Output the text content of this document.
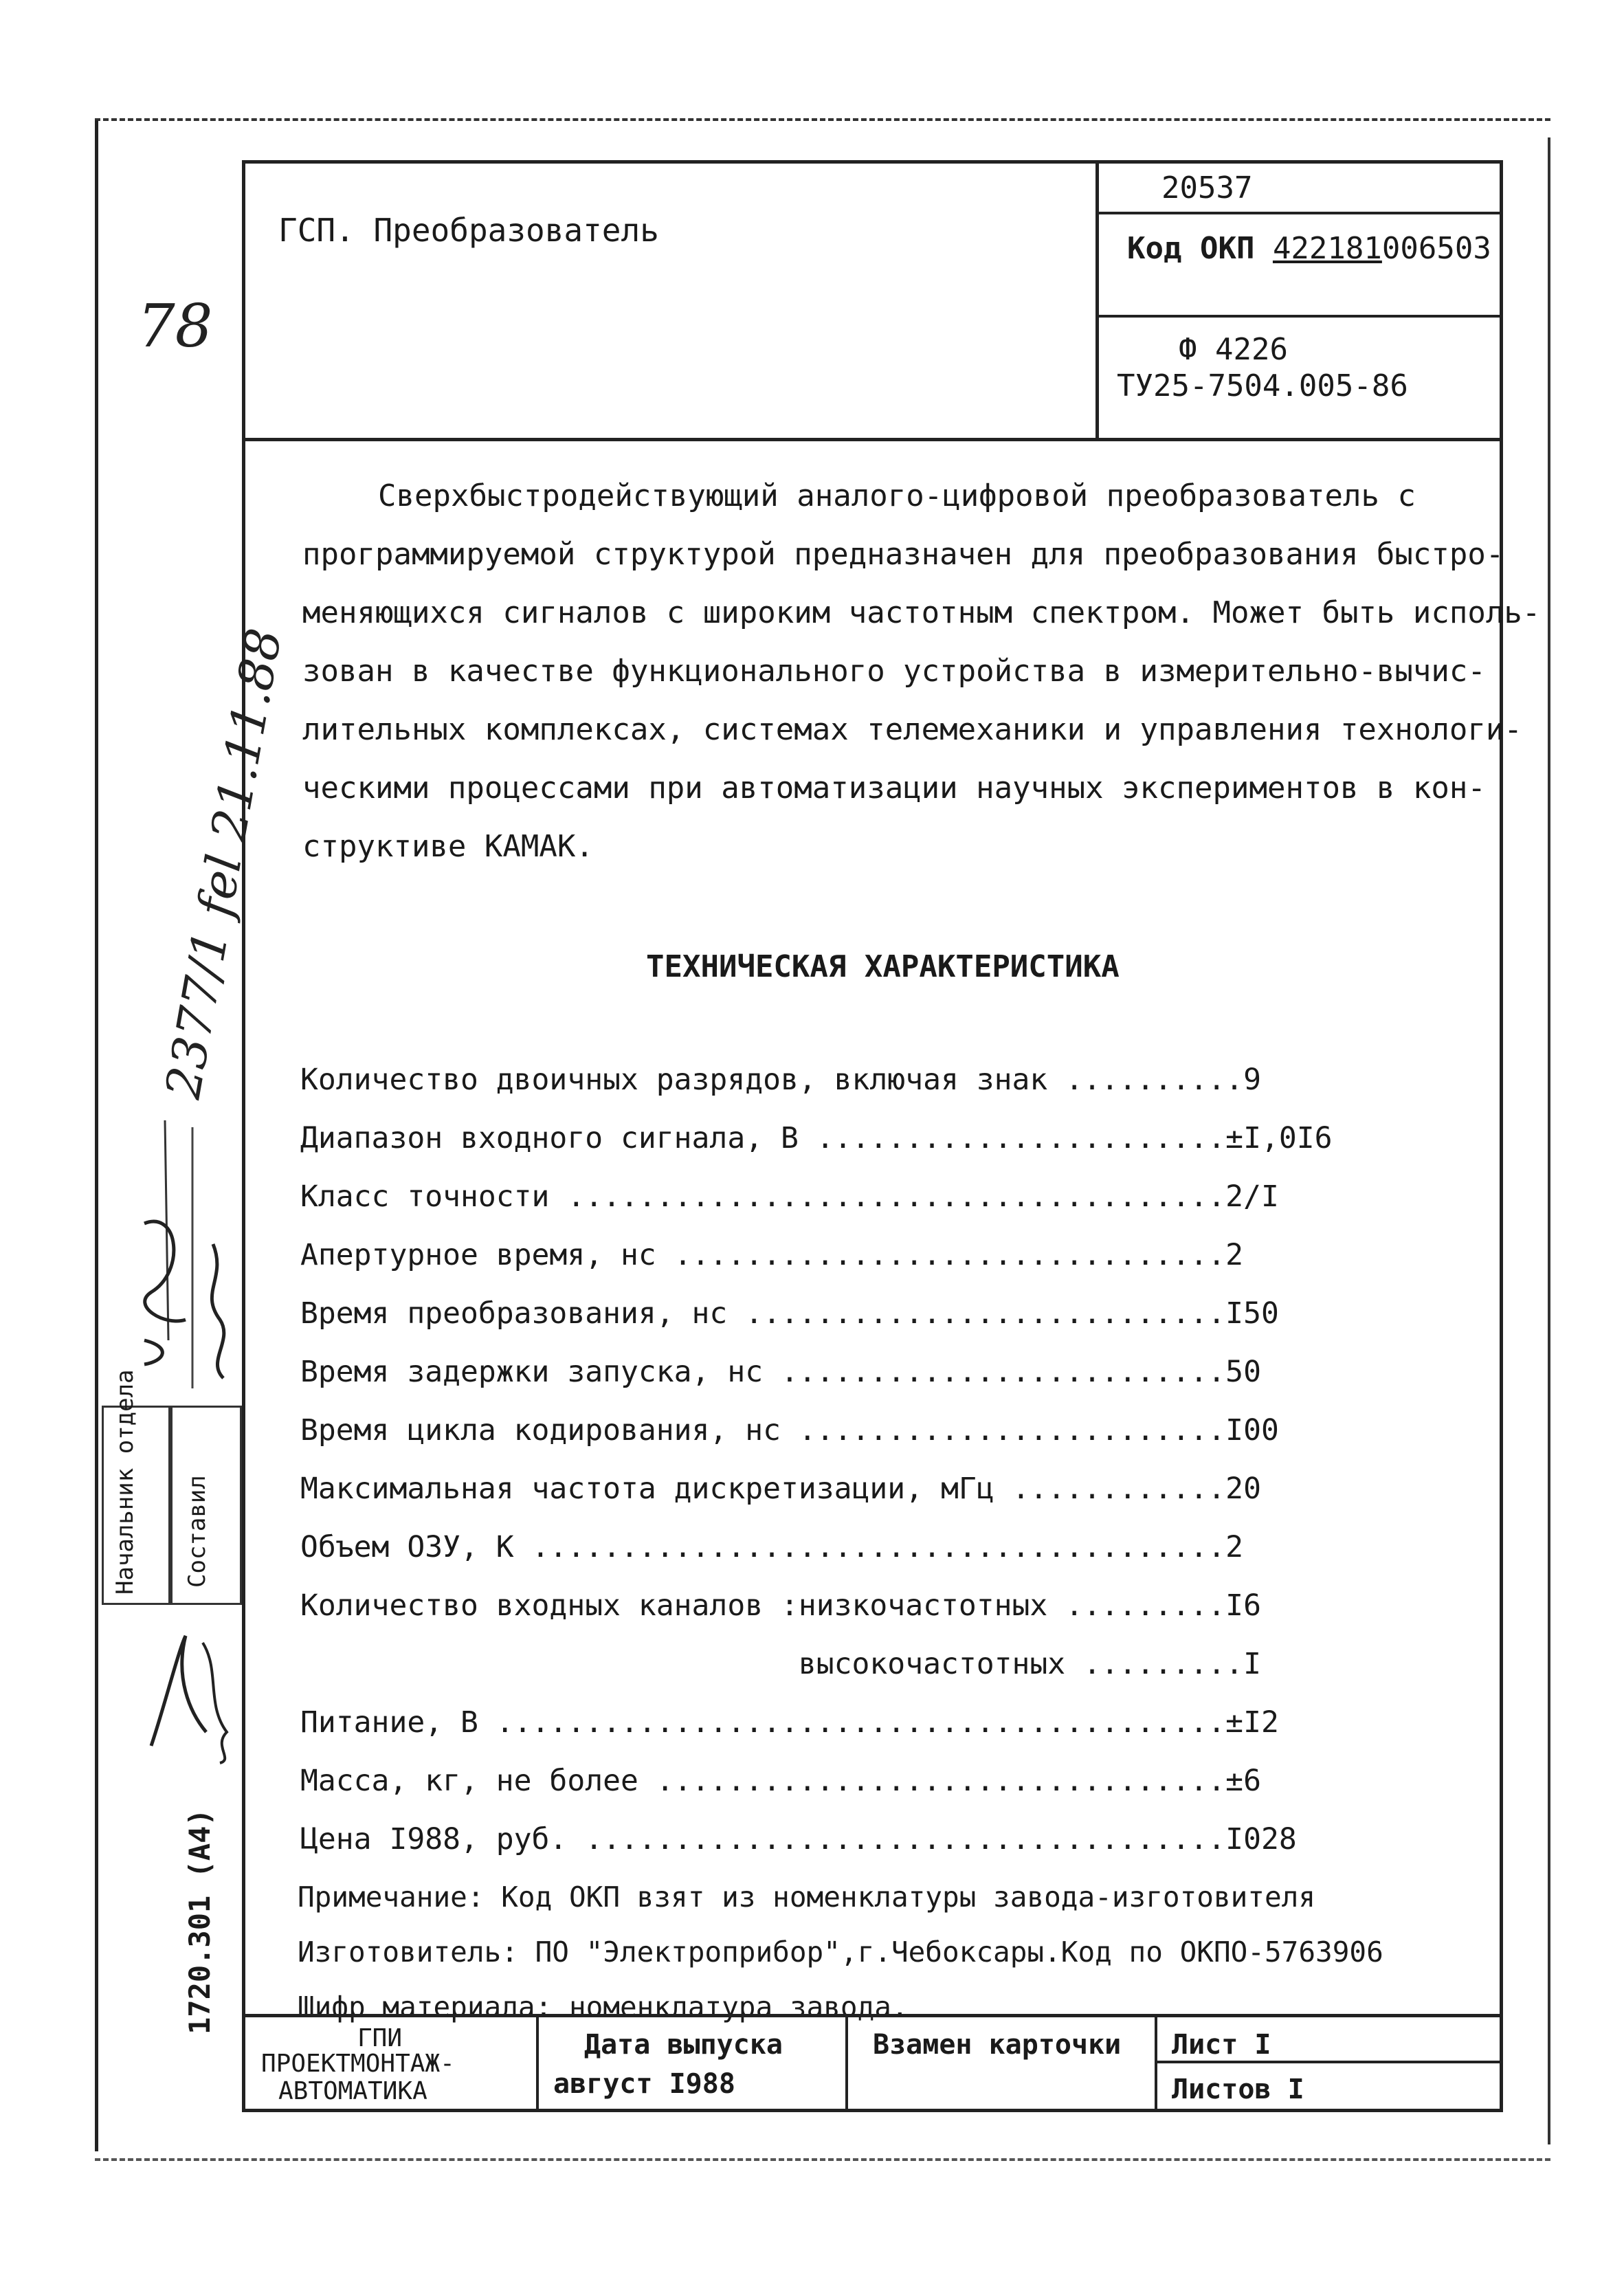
ГСП. Преобразователь
20537
Код ОКП 422181006503
Ф 4226
ТУ25-7504.005-86
Сверхбыстродействующий аналого-цифровой преобразователь с
программируемой структурой предназначен для преобразования быстро-
меняющихся сигналов с широким частотным спектром. Может быть исполь-
зован в качестве функционального устройства в измерительно-вычис-
лительных комплексах, системах телемеханики и управления технологи-
ческими процессами при автоматизации научных экспериментов в кон-
структиве КАМАК.
ТЕХНИЧЕСКАЯ ХАРАКТЕРИСТИКА
Количество двоичных разрядов, включая знак ..........9
Диапазон входного сигнала, В .......................±I,0I6
Класс точности .....................................2/I
Апертурное время, нс ...............................2
Время преобразования, нс ...........................I50
Время задержки запуска, нс .........................50
Время цикла кодирования, нс ........................I00
Максимальная частота дискретизации, мГц ............20
Объем ОЗУ, К .......................................2
Количество входных каналов :низкочастотных .........I6
высокочастотных .........I
Питание, В .........................................±I2
Масса, кг, не более ................................±6
Цена I988, руб. ....................................I028
Примечание: Код ОКП взят из номенклатуры завода-изготовителя
Изготовитель: ПО "Электроприбор",г.Чебоксары.Код по ОКПО-5763906
Шифр материала: номенклатура завода.
ГПИ
ПРОЕКТМОНТАЖ-
АВТОМАТИКА
Дата выпуска
август I988
Взамен карточки Лист I
Листов I
78
2377/1 fel 21.11.88
Начальник отдела Составил
1720.301 (А4)
